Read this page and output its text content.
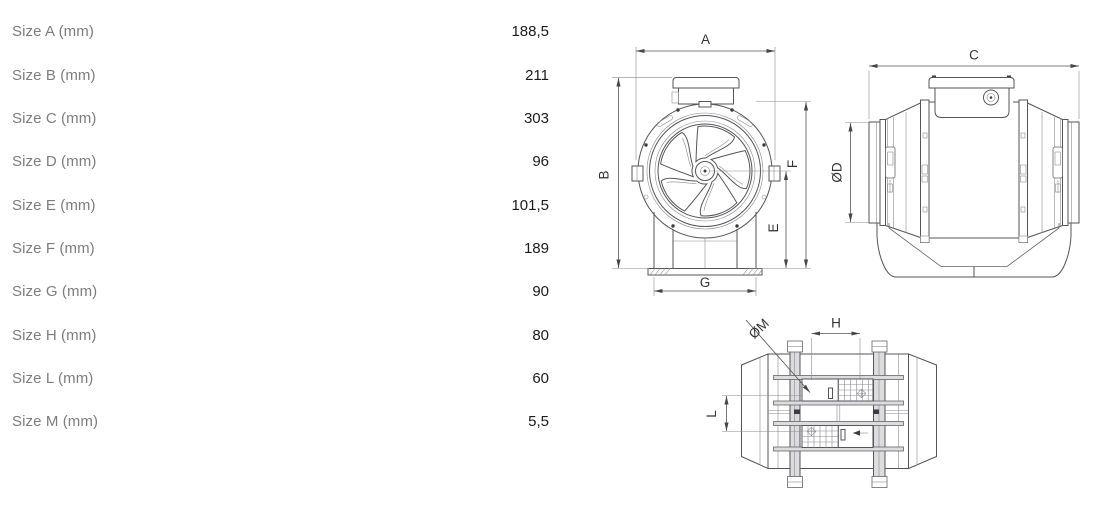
Size A (mm)	188,5
Size B (mm)	211
Size C (mm)	303
Size D (mm)	96
Size E (mm)	101,5
Size F (mm)	189
Size G (mm)	90
Size H (mm)	80
Size L (mm)	60
Size M (mm)	5,5
A
B
F
E
G
C
ØD
ØM	H
L
